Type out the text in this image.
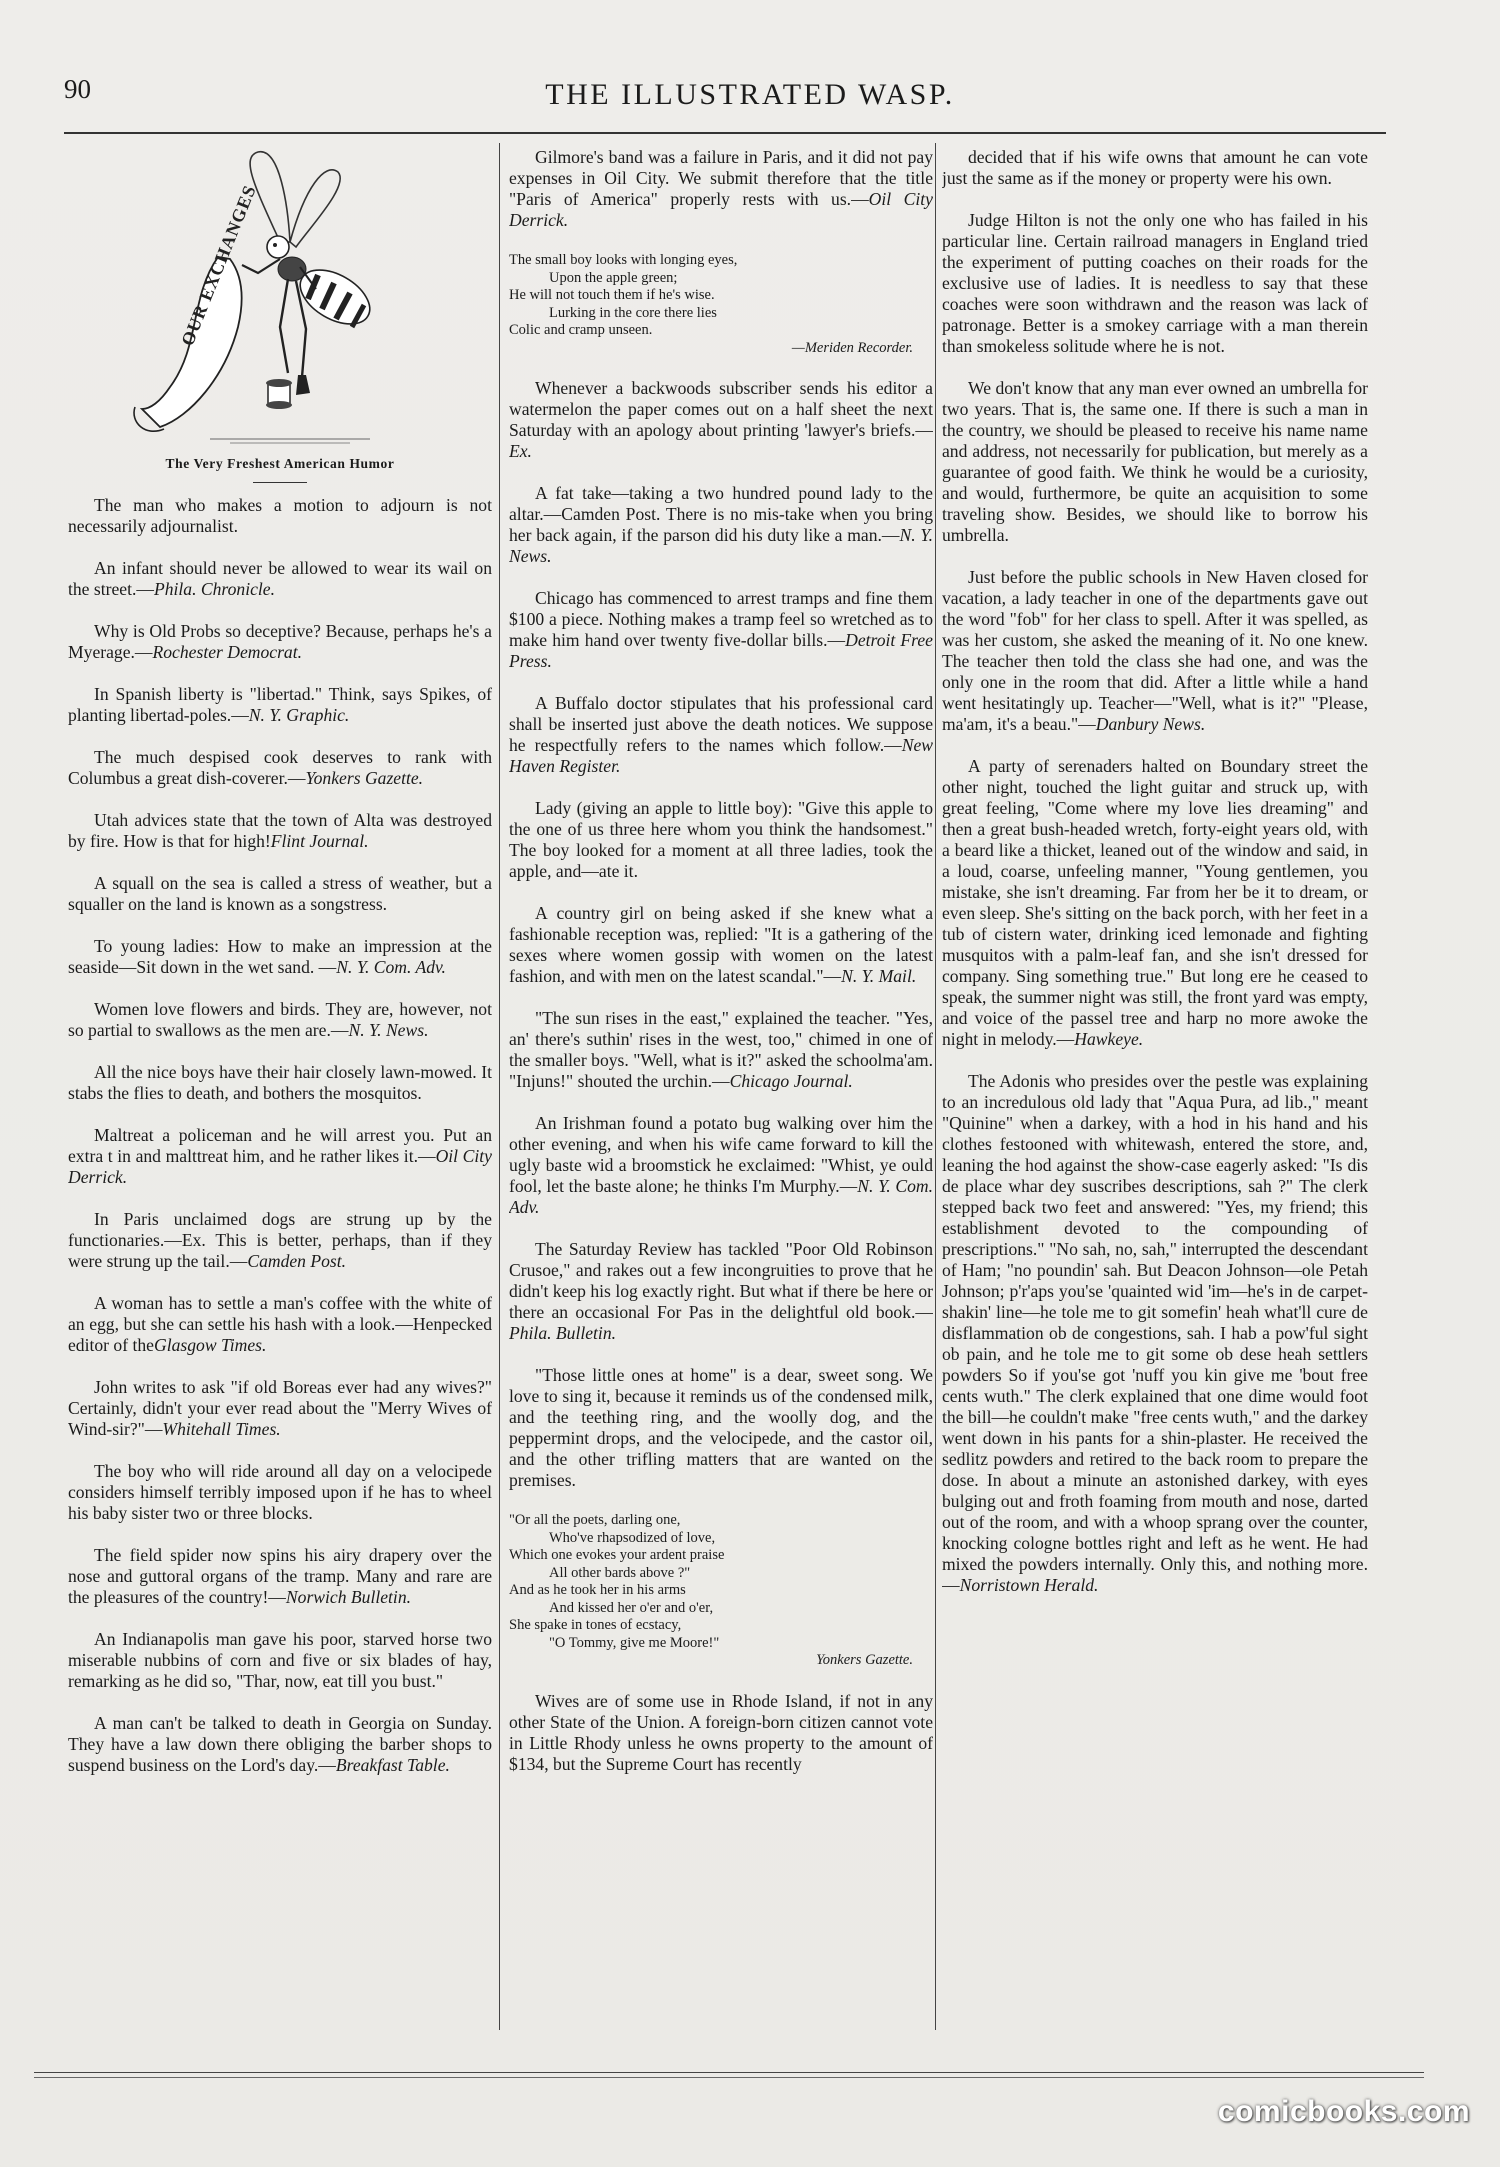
90	THE ILLUSTRATED WASP.
OUR EXCHANGES
The Very Freshest American Humor
The man who makes a motion to adjourn is not necessarily adjournalist.
An infant should never be allowed to wear its wail on the street.—Phila. Chronicle.
Why is Old Probs so deceptive? Because, perhaps he's a Myerage.—Rochester Democrat.
In Spanish liberty is "libertad." Think, says Spikes, of planting libertad-poles.—N. Y. Graphic.
The much despised cook deserves to rank with Columbus a great dish-coverer.—Yonkers Gazette.
Utah advices state that the town of Alta was destroyed by fire. How is that for high!Flint Journal.
A squall on the sea is called a stress of weather, but a squaller on the land is known as a songstress.
To young ladies: How to make an impression at the seaside—Sit down in the wet sand. —N. Y. Com. Adv.
Women love flowers and birds. They are, however, not so partial to swallows as the men are.—N. Y. News.
All the nice boys have their hair closely lawn-mowed. It stabs the flies to death, and bothers the mosquitos.
Maltreat a policeman and he will arrest you. Put an extra t in and malttreat him, and he rather likes it.—Oil City Derrick.
In Paris unclaimed dogs are strung up by the functionaries.—Ex. This is better, perhaps, than if they were strung up the tail.—Camden Post.
A woman has to settle a man's coffee with the white of an egg, but she can settle his hash with a look.—Henpecked editor of theGlasgow Times.
John writes to ask "if old Boreas ever had any wives?" Certainly, didn't your ever read about the "Merry Wives of Wind-sir?"—Whitehall Times.
The boy who will ride around all day on a velocipede considers himself terribly imposed upon if he has to wheel his baby sister two or three blocks.
The field spider now spins his airy drapery over the nose and guttoral organs of the tramp. Many and rare are the pleasures of the country!—Norwich Bulletin.
An Indianapolis man gave his poor, starved horse two miserable nubbins of corn and five or six blades of hay, remarking as he did so, "Thar, now, eat till you bust."
A man can't be talked to death in Georgia on Sunday. They have a law down there obliging the barber shops to suspend business on the Lord's day.—Breakfast Table.
Gilmore's band was a failure in Paris, and it did not pay expenses in Oil City. We submit therefore that the title "Paris of America" properly rests with us.—Oil City Derrick.
The small boy looks with longing eyes,
Upon the apple green;
He will not touch them if he's wise.
Lurking in the core there lies
Colic and cramp unseen.
—Meriden Recorder.
Whenever a backwoods subscriber sends his editor a watermelon the paper comes out on a half sheet the next Saturday with an apology about printing 'lawyer's briefs.—Ex.
A fat take—taking a two hundred pound lady to the altar.—Camden Post. There is no mis-take when you bring her back again, if the parson did his duty like a man.—N. Y. News.
Chicago has commenced to arrest tramps and fine them $100 a piece. Nothing makes a tramp feel so wretched as to make him hand over twenty five-dollar bills.—Detroit Free Press.
A Buffalo doctor stipulates that his professional card shall be inserted just above the death notices. We suppose he respectfully refers to the names which follow.—New Haven Register.
Lady (giving an apple to little boy): "Give this apple to the one of us three here whom you think the handsomest." The boy looked for a moment at all three ladies, took the apple, and—ate it.
A country girl on being asked if she knew what a fashionable reception was, replied: "It is a gathering of the sexes where women gossip with women on the latest fashion, and with men on the latest scandal."—N. Y. Mail.
"The sun rises in the east," explained the teacher. "Yes, an' there's suthin' rises in the west, too," chimed in one of the smaller boys. "Well, what is it?" asked the schoolma'am. "Injuns!" shouted the urchin.—Chicago Journal.
An Irishman found a potato bug walking over him the other evening, and when his wife came forward to kill the ugly baste wid a broomstick he exclaimed: "Whist, ye ould fool, let the baste alone; he thinks I'm Murphy.—N. Y. Com. Adv.
The Saturday Review has tackled "Poor Old Robinson Crusoe," and rakes out a few incongruities to prove that he didn't keep his log exactly right. But what if there be here or there an occasional For Pas in the delightful old book.—Phila. Bulletin.
"Those little ones at home" is a dear, sweet song. We love to sing it, because it reminds us of the condensed milk, and the teething ring, and the woolly dog, and the peppermint drops, and the velocipede, and the castor oil, and the other trifling matters that are wanted on the premises.
"Or all the poets, darling one,
Who've rhapsodized of love,
Which one evokes your ardent praise
All other bards above ?"
And as he took her in his arms
And kissed her o'er and o'er,
She spake in tones of ecstacy,
"O Tommy, give me Moore!"
Yonkers Gazette.
Wives are of some use in Rhode Island, if not in any other State of the Union. A foreign-born citizen cannot vote in Little Rhody unless he owns property to the amount of $134, but the Supreme Court has recently
decided that if his wife owns that amount he can vote just the same as if the money or property were his own.
Judge Hilton is not the only one who has failed in his particular line. Certain railroad managers in England tried the experiment of putting coaches on their roads for the exclusive use of ladies. It is needless to say that these coaches were soon withdrawn and the reason was lack of patronage. Better is a smokey carriage with a man therein than smokeless solitude where he is not.
We don't know that any man ever owned an umbrella for two years. That is, the same one. If there is such a man in the country, we should be pleased to receive his name name and address, not necessarily for publication, but merely as a guarantee of good faith. We think he would be a curiosity, and would, furthermore, be quite an acquisition to some traveling show. Besides, we should like to borrow his umbrella.
Just before the public schools in New Haven closed for vacation, a lady teacher in one of the departments gave out the word "fob" for her class to spell. After it was spelled, as was her custom, she asked the meaning of it. No one knew. The teacher then told the class she had one, and was the only one in the room that did. After a little while a hand went hesitatingly up. Teacher—"Well, what is it?" "Please, ma'am, it's a beau."—Danbury News.
A party of serenaders halted on Boundary street the other night, touched the light guitar and struck up, with great feeling, "Come where my love lies dreaming" and then a great bush-headed wretch, forty-eight years old, with a beard like a thicket, leaned out of the window and said, in a loud, coarse, unfeeling manner, "Young gentlemen, you mistake, she isn't dreaming. Far from her be it to dream, or even sleep. She's sitting on the back porch, with her feet in a tub of cistern water, drinking iced lemonade and fighting musquitos with a palm-leaf fan, and she isn't dressed for company. Sing something true." But long ere he ceased to speak, the summer night was still, the front yard was empty, and voice of the passel tree and harp no more awoke the night in melody.—Hawkeye.
The Adonis who presides over the pestle was explaining to an incredulous old lady that "Aqua Pura, ad lib.," meant "Quinine" when a darkey, with a hod in his hand and his clothes festooned with whitewash, entered the store, and, leaning the hod against the show-case eagerly asked: "Is dis de place whar dey suscribes descriptions, sah ?" The clerk stepped back two feet and answered: "Yes, my friend; this establishment devoted to the compounding of prescriptions." "No sah, no, sah," interrupted the descendant of Ham; "no poundin' sah. But Deacon Johnson—ole Petah Johnson; p'r'aps you'se 'quainted wid 'im—he's in de carpet-shakin' line—he tole me to git somefin' heah what'll cure de disflammation ob de congestions, sah. I hab a pow'ful sight ob pain, and he tole me to git some ob dese heah settlers powders So if you'se got 'nuff you kin give me 'bout free cents wuth." The clerk explained that one dime would foot the bill—he couldn't make "free cents wuth," and the darkey went down in his pants for a shin-plaster. He received the sedlitz powders and retired to the back room to prepare the dose. In about a minute an astonished darkey, with eyes bulging out and froth foaming from mouth and nose, darted out of the room, and with a whoop sprang over the counter, knocking cologne bottles right and left as he went. He had mixed the powders internally. Only this, and nothing more.—Norristown Herald.
comicbooks.com
